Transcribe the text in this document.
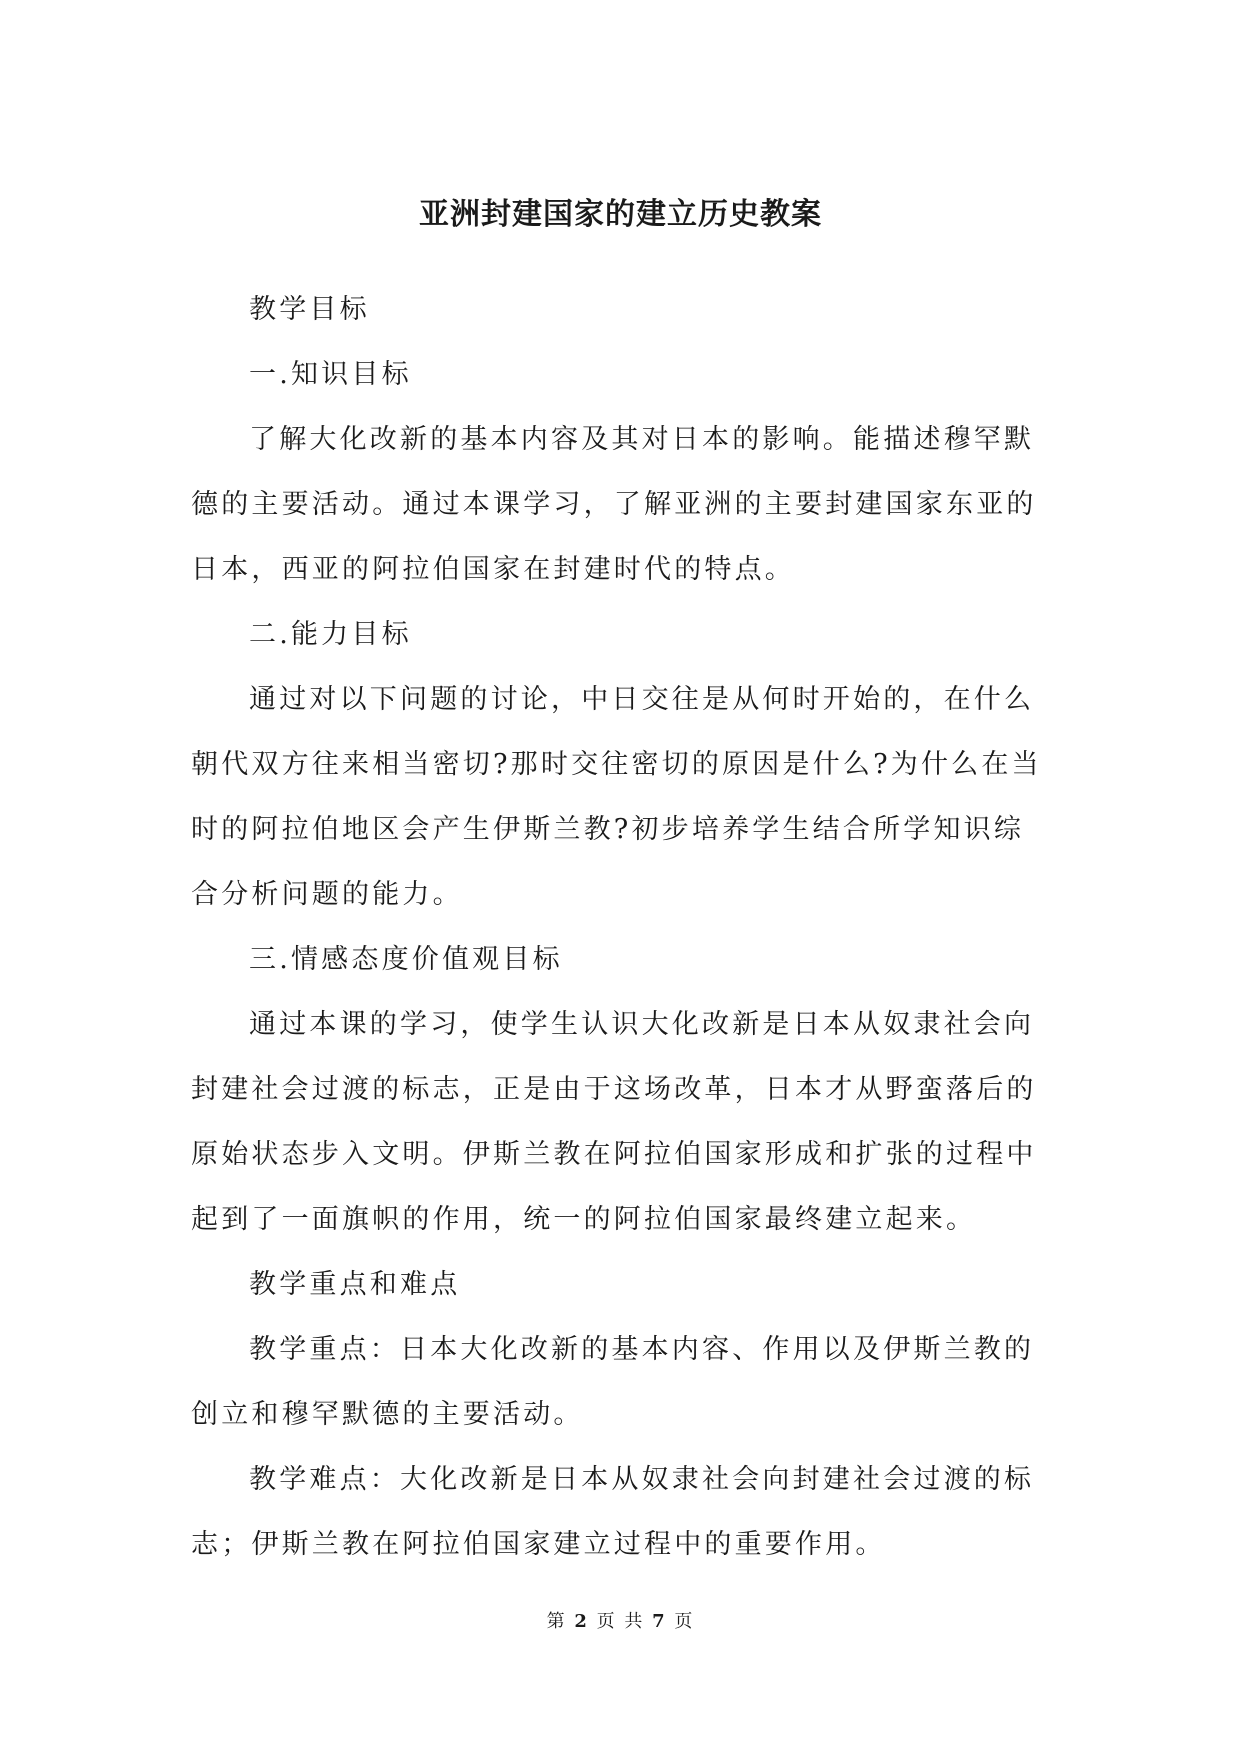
亚洲封建国家的建立历史教案

教学目标

一.知识目标

了解大化改新的基本内容及其对日本的影响。能描述穆罕默德的主要活动。通过本课学习，了解亚洲的主要封建国家东亚的日本，西亚的阿拉伯国家在封建时代的特点。

二.能力目标

通过对以下问题的讨论，中日交往是从何时开始的，在什么朝代双方往来相当密切?那时交往密切的原因是什么?为什么在当时的阿拉伯地区会产生伊斯兰教?初步培养学生结合所学知识综合分析问题的能力。

三.情感态度价值观目标

通过本课的学习，使学生认识大化改新是日本从奴隶社会向封建社会过渡的标志，正是由于这场改革，日本才从野蛮落后的原始状态步入文明。伊斯兰教在阿拉伯国家形成和扩张的过程中起到了一面旗帜的作用，统一的阿拉伯国家最终建立起来。

教学重点和难点

教学重点：日本大化改新的基本内容、作用以及伊斯兰教的创立和穆罕默德的主要活动。

教学难点：大化改新是日本从奴隶社会向封建社会过渡的标志；伊斯兰教在阿拉伯国家建立过程中的重要作用。

第 2 页 共 7 页
